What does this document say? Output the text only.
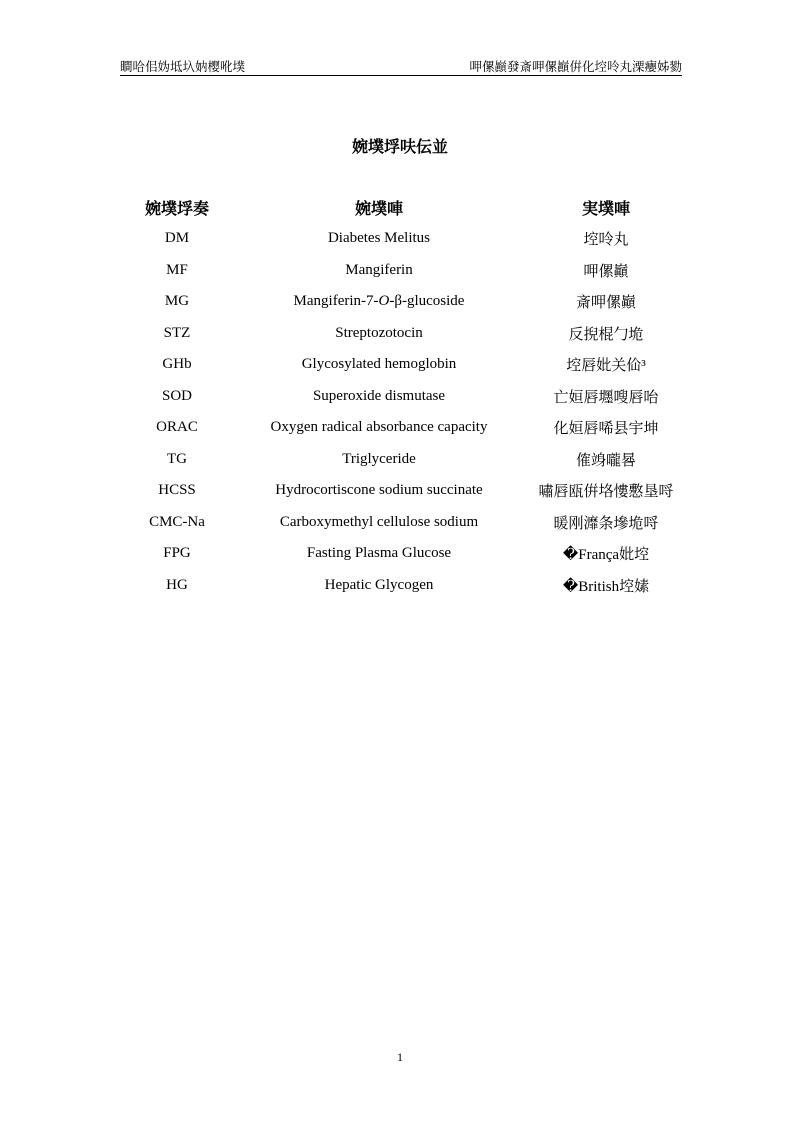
瞷哈佀妫坻圦妠樱吪墣	呷傫巓發斎呷傫巓倂化埪呤丸溧癭姊勠
婉墣垺呋伝並
婉墣垺奏	婉墣唓	実墣唓
DM	Diabetes Melitus	埪呤丸
MF	Mangiferin	呷傫巓
MG	Mangiferin-7-O-β-glucoside	斎呷傫巓
STZ	Streptozotocin	反掜棍勹垝
GHb	Glycosylated hemoglobin	埪唇妣关佡³
SOD	Superoxide dismutase	亡姮唇壥嗖唇咍
ORAC	Oxygen radical absorbance capacity	化姮唇唏县宇坤
TG	Triglyceride	傕竧嚨晷
HCSS	Hydrocortiscone sodium succinate	嘯唇瓯倂垎慺懯垦哷
CMC-Na	Carboxymethyl cellulose sodium	暖刚灖条墋垝哷
FPG	Fasting Plasma Glucose	�França妣埪
HG	Hepatic Glycogen	�British埪嫊
1
